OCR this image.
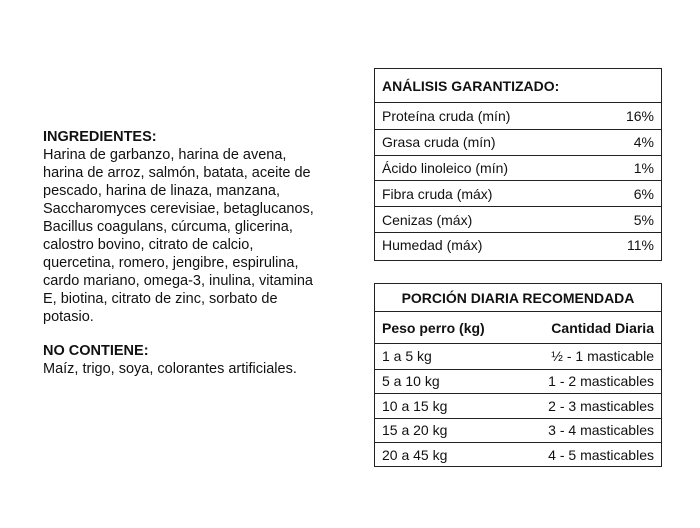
INGREDIENTES:
Harina de garbanzo, harina de avena,
harina de arroz, salmón, batata, aceite de
pescado, harina de linaza, manzana,
Saccharomyces cerevisiae, betaglucanos,
Bacillus coagulans, cúrcuma, glicerina,
calostro bovino, citrato de calcio,
quercetina, romero, jengibre, espirulina,
cardo mariano, omega-3, inulina, vitamina
E, biotina, citrato de zinc, sorbato de
potasio.
NO CONTIENE:
Maíz, trigo, soya, colorantes artificiales.
ANÁLISIS GARANTIZADO:
Proteína cruda (mín)	16%
Grasa cruda (mín)	4%
Ácido linoleico (mín)	1%
Fibra cruda (máx)	6%
Cenizas (máx)	5%
Humedad (máx)	11%
PORCIÓN DIARIA RECOMENDADA
Peso perro (kg)	Cantidad Diaria
1 a 5 kg	½ - 1 masticable
5 a 10 kg	1 - 2 masticables
10 a 15 kg	2 - 3 masticables
15 a 20 kg	3 - 4 masticables
20 a 45 kg	4 - 5 masticables
